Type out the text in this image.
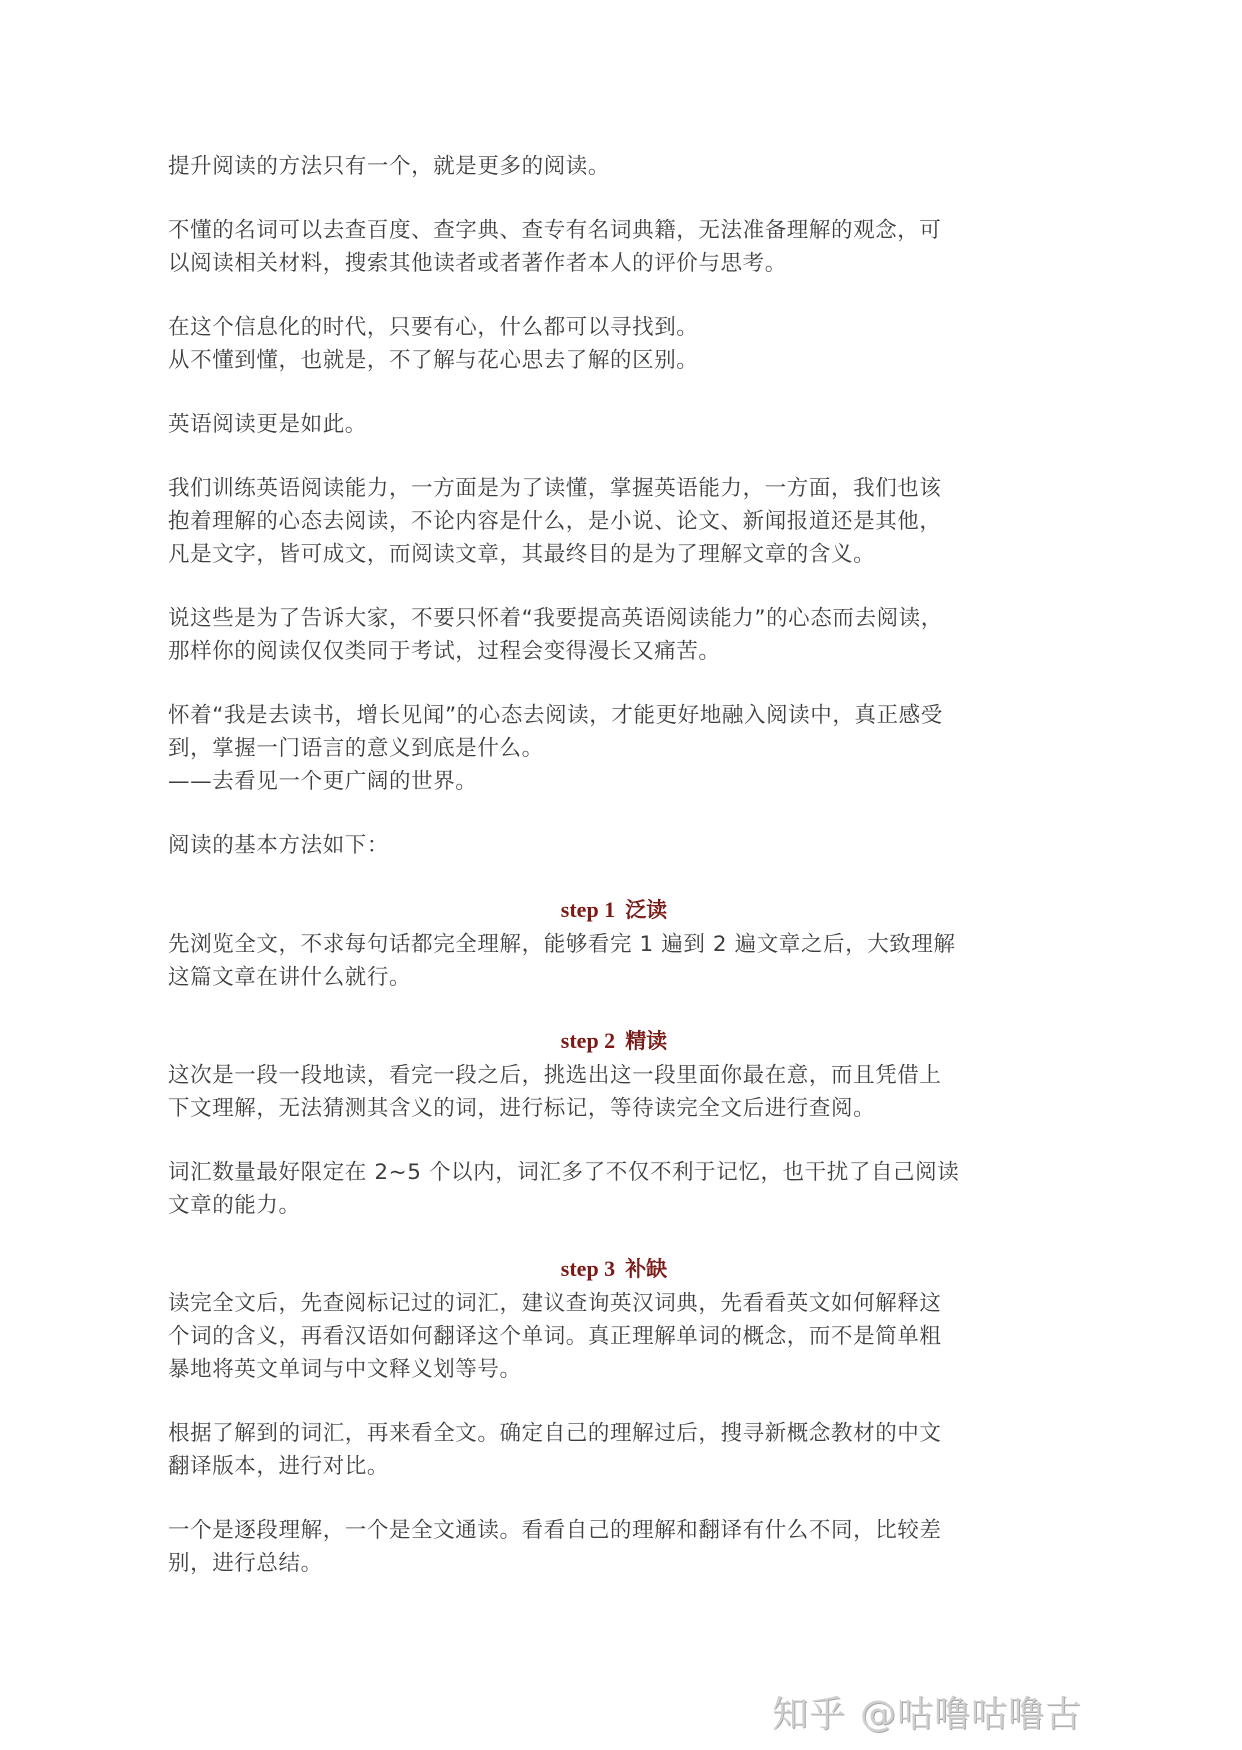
提升阅读的方法只有一个，就是更多的阅读。

不懂的名词可以去查百度、查字典、查专有名词典籍，无法准备理解的观念，可
以阅读相关材料，搜索其他读者或者著作者本人的评价与思考。

在这个信息化的时代，只要有心，什么都可以寻找到。
从不懂到懂，也就是，不了解与花心思去了解的区别。

英语阅读更是如此。

我们训练英语阅读能力，一方面是为了读懂，掌握英语能力，一方面，我们也该
抱着理解的心态去阅读，不论内容是什么，是小说、论文、新闻报道还是其他，
凡是文字，皆可成文，而阅读文章，其最终目的是为了理解文章的含义。

说这些是为了告诉大家，不要只怀着“我要提高英语阅读能力”的心态而去阅读，
那样你的阅读仅仅类同于考试，过程会变得漫长又痛苦。

怀着“我是去读书，增长见闻”的心态去阅读，才能更好地融入阅读中，真正感受
到，掌握一门语言的意义到底是什么。
——去看见一个更广阔的世界。

阅读的基本方法如下：

step 1 泛读

先浏览全文，不求每句话都完全理解，能够看完 1 遍到 2 遍文章之后，大致理解
这篇文章在讲什么就行。

step 2 精读

这次是一段一段地读，看完一段之后，挑选出这一段里面你最在意，而且凭借上
下文理解，无法猜测其含义的词，进行标记，等待读完全文后进行查阅。

词汇数量最好限定在 2~5 个以内，词汇多了不仅不利于记忆，也干扰了自己阅读
文章的能力。

step 3 补缺

读完全文后，先查阅标记过的词汇，建议查询英汉词典，先看看英文如何解释这
个词的含义，再看汉语如何翻译这个单词。真正理解单词的概念，而不是简单粗
暴地将英文单词与中文释义划等号。

根据了解到的词汇，再来看全文。确定自己的理解过后，搜寻新概念教材的中文
翻译版本，进行对比。

一个是逐段理解，一个是全文通读。看看自己的理解和翻译有什么不同，比较差
别，进行总结。

知乎 @咕噜咕噜古
